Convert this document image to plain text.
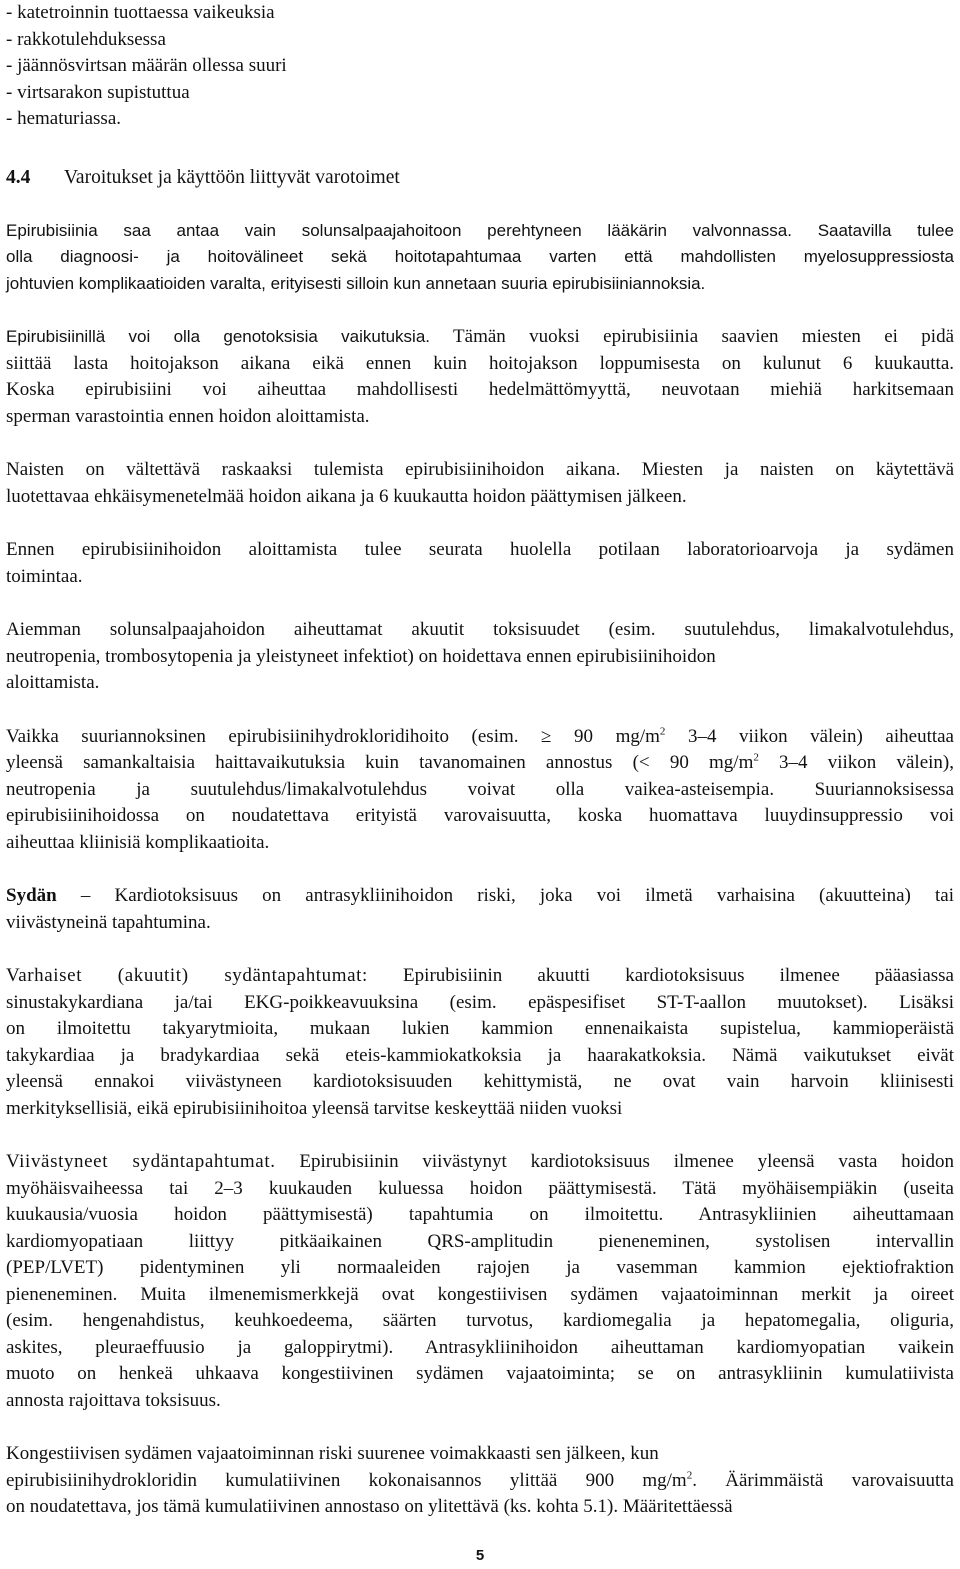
- katetroinnin tuottaessa vaikeuksia
- rakkotulehduksessa
- jäännösvirtsan määrän ollessa suuri
- virtsarakon supistuttua
- hematuriassa.
4.4 Varoitukset ja käyttöön liittyvät varotoimet
Epirubisiinia saa antaa vain solunsalpaajahoitoon perehtyneen lääkärin valvonnassa. Saatavilla tulee
olla diagnoosi- ja hoitovälineet sekä hoitotapahtumaa varten että mahdollisten myelosuppressiosta
johtuvien komplikaatioiden varalta, erityisesti silloin kun annetaan suuria epirubisiiniannoksia.
Epirubisiinillä voi olla genotoksisia vaikutuksia. Tämän vuoksi epirubisiinia saavien miesten ei pidä
siittää lasta hoitojakson aikana eikä ennen kuin hoitojakson loppumisesta on kulunut 6 kuukautta.
Koska epirubisiini voi aiheuttaa mahdollisesti hedelmättömyyttä, neuvotaan miehiä harkitsemaan
sperman varastointia ennen hoidon aloittamista.
Naisten on vältettävä raskaaksi tulemista epirubisiinihoidon aikana. Miesten ja naisten on käytettävä
luotettavaa ehkäisymenetelmää hoidon aikana ja 6 kuukautta hoidon päättymisen jälkeen.
Ennen epirubisiinihoidon aloittamista tulee seurata huolella potilaan laboratorioarvoja ja sydämen
toimintaa.
Aiemman solunsalpaajahoidon aiheuttamat akuutit toksisuudet (esim. suutulehdus, limakalvotulehdus,
neutropenia, trombosytopenia ja yleistyneet infektiot) on hoidettava ennen epirubisiinihoidon
aloittamista.
Vaikka suuriannoksinen epirubisiinihydrokloridihoito (esim. ≥ 90 $mg/m^2$ 3–4 viikon välein) aiheuttaa
yleensä samankaltaisia haittavaikutuksia kuin tavanomainen annostus (< 90 $mg/m^2$ 3–4 viikon välein),
neutropenia ja suutulehdus/limakalvotulehdus voivat olla vaikea-asteisempia. Suuriannoksisessa
epirubisiinihoidossa on noudatettava erityistä varovaisuutta, koska huomattava luuydinsuppressio voi
aiheuttaa kliinisiä komplikaatioita.
Sydän – Kardiotoksisuus on antrasykliinihoidon riski, joka voi ilmetä varhaisina (akuutteina) tai
viivästyneinä tapahtumina.
Varhaiset (akuutit) sydäntapahtumat: Epirubisiinin akuutti kardiotoksisuus ilmenee pääasiassa
sinustakykardiana ja/tai EKG-poikkeavuuksina (esim. epäspesifiset ST-T-aallon muutokset). Lisäksi
on ilmoitettu takyarytmioita, mukaan lukien kammion ennenaikaista supistelua, kammioperäistä
takykardiaa ja bradykardiaa sekä eteis-kammiokatkoksia ja haarakatkoksia. Nämä vaikutukset eivät
yleensä ennakoi viivästyneen kardiotoksisuuden kehittymistä, ne ovat vain harvoin kliinisesti
merkityksellisiä, eikä epirubisiinihoitoa yleensä tarvitse keskeyttää niiden vuoksi
Viivästyneet sydäntapahtumat. Epirubisiinin viivästynyt kardiotoksisuus ilmenee yleensä vasta hoidon
myöhäisvaiheessa tai 2–3 kuukauden kuluessa hoidon päättymisestä. Tätä myöhäisempiäkin (useita
kuukausia/vuosia hoidon päättymisestä) tapahtumia on ilmoitettu. Antrasykliinien aiheuttamaan
kardiomyopatiaan liittyy pitkäaikainen QRS-amplitudin pieneneminen, systolisen intervallin
(PEP/LVET) pidentyminen yli normaaleiden rajojen ja vasemman kammion ejektiofraktion
pieneneminen. Muita ilmenemismerkkejä ovat kongestiivisen sydämen vajaatoiminnan merkit ja oireet
(esim. hengenahdistus, keuhkoedeema, säärten turvotus, kardiomegalia ja hepatomegalia, oliguria,
askites, pleuraeffuusio ja galoppirytmi). Antrasykliinihoidon aiheuttaman kardiomyopatian vaikein
muoto on henkeä uhkaava kongestiivinen sydämen vajaatoiminta; se on antrasykliinin kumulatiivista
annosta rajoittava toksisuus.
Kongestiivisen sydämen vajaatoiminnan riski suurenee voimakkaasti sen jälkeen, kun
epirubisiinihydrokloridin kumulatiivinen kokonaisannos ylittää 900 $mg/m^2$. Äärimmäistä varovaisuutta
on noudatettava, jos tämä kumulatiivinen annostaso on ylitettävä (ks. kohta 5.1). Määritettäessä
5
